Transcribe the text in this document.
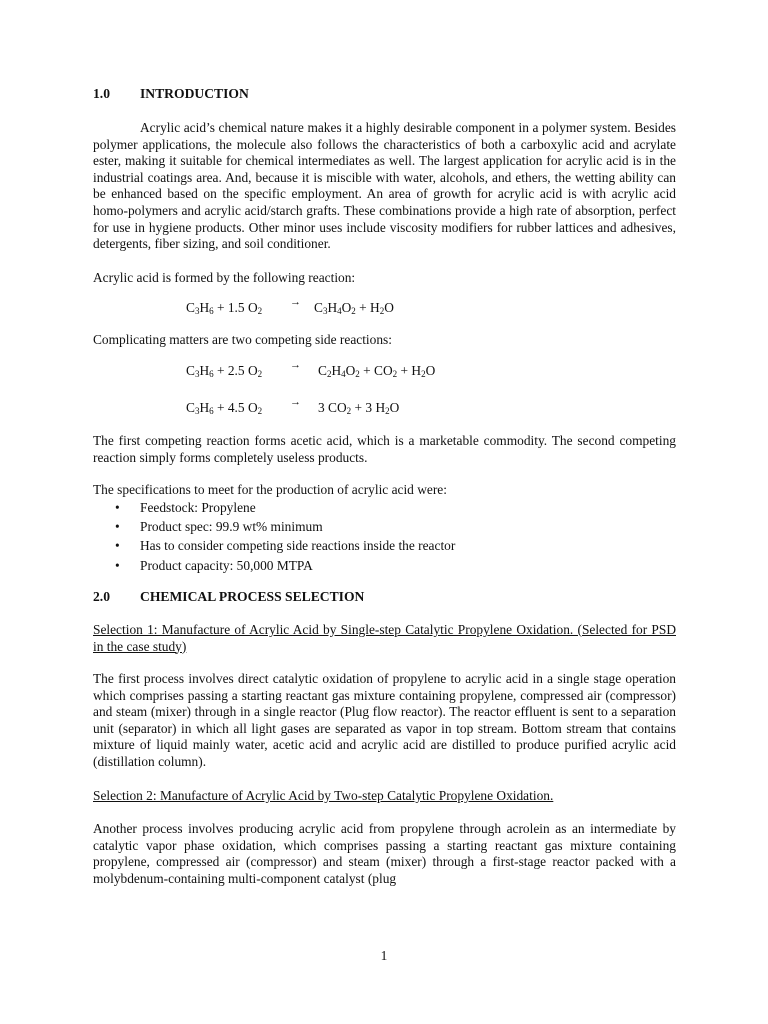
1.0 INTRODUCTION

Acrylic acid’s chemical nature makes it a highly desirable component in a polymer system. Besides polymer applications, the molecule also follows the characteristics of both a carboxylic acid and acrylate ester, making it suitable for chemical intermediates as well. The largest application for acrylic acid is in the industrial coatings area. And, because it is miscible with water, alcohols, and ethers, the wetting ability can be enhanced based on the specific employment. An area of growth for acrylic acid is with acrylic acid homo-polymers and acrylic acid/starch grafts. These combinations provide a high rate of absorption, perfect for use in hygiene products. Other minor uses include viscosity modifiers for rubber lattices and adhesives, detergents, fiber sizing, and soil conditioner.

Acrylic acid is formed by the following reaction:

$C_3H_6 + 1.5$ $O_2$
→ $C_3H_4O_2 + H_2O$

Complicating matters are two competing side reactions:

$C_3H_6 + 2.5$ $O_2$
→ $C_2H_4O_2 + CO_2 + H_2O$
$C_3H_6 + 4.5$ $O_2$
→ 3 $CO_2 + 3$ $H_2O$

The first competing reaction forms acetic acid, which is a marketable commodity. The second competing reaction simply forms completely useless products.

The specifications to meet for the production of acrylic acid were:

• Feedstock: Propylene
• Product spec: 99.9 wt% minimum
• Has to consider competing side reactions inside the reactor
• Product capacity: 50,000 MTPA
2.0 CHEMICAL PROCESS SELECTION

Selection 1: Manufacture of Acrylic Acid by Single-step Catalytic Propylene Oxidation. (Selected for PSD in the case study)

The first process involves direct catalytic oxidation of propylene to acrylic acid in a single stage operation which comprises passing a starting reactant gas mixture containing propylene, compressed air (compressor) and steam (mixer) through in a single reactor (Plug flow reactor). The reactor effluent is sent to a separation unit (separator) in which all light gases are separated as vapor in top stream. Bottom stream that contains mixture of liquid mainly water, acetic acid and acrylic acid are distilled to produce purified acrylic acid (distillation column).

Selection 2: Manufacture of Acrylic Acid by Two-step Catalytic Propylene Oxidation.

Another process involves producing acrylic acid from propylene through acrolein as an intermediate by catalytic vapor phase oxidation, which comprises passing a starting reactant gas mixture containing propylene, compressed air (compressor) and steam (mixer) through a first-stage reactor packed with a molybdenum-containing multi-component catalyst (plug

1
